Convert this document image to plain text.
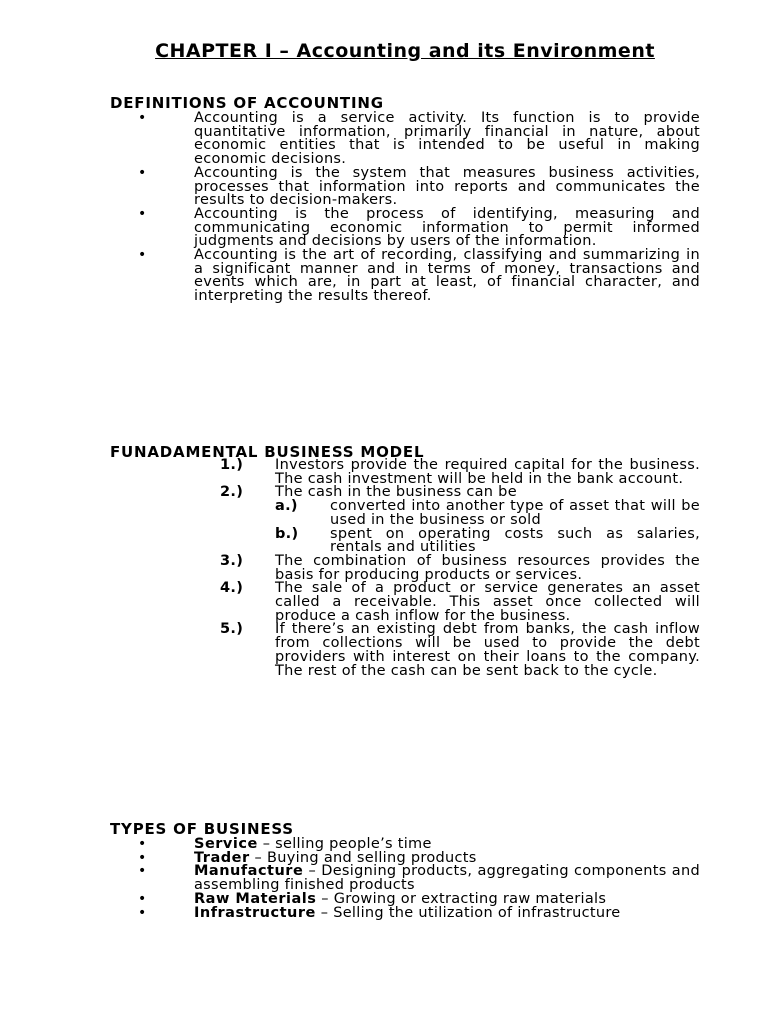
CHAPTER I – Accounting and its Environment
DEFINITIONS OF ACCOUNTING
•	Accounting is a service activity. Its function is to provide quantitative information, primarily financial in nature, about economic entities that is intended to be useful in making economic decisions.
•	Accounting is the system that measures business activities, processes that information into reports and communicates the results to decision-makers.
•	Accounting is the process of identifying, measuring and communicating economic information to permit informed judgments and decisions by users of the information.
•	Accounting is the art of recording, classifying and summarizing in a significant manner and in terms of money, transactions and events which are, in part at least, of financial character, and interpreting the results thereof.
FUNADAMENTAL BUSINESS MODEL
1.) Investors provide the required capital for the business. The cash investment will be held in the bank account.
2.) The cash in the business can be
a.) converted into another type of asset that will be used in the business or sold
b.) spent on operating costs such as salaries, rentals and utilities
3.) The combination of business resources provides the basis for producing products or services.
4.) The sale of a product or service generates an asset called a receivable. This asset once collected will produce a cash inflow for the business.
5.) If there’s an existing debt from banks, the cash inflow from collections will be used to provide the debt providers with interest on their loans to the company. The rest of the cash can be sent back to the cycle.
TYPES OF BUSINESS
•	Service – selling people’s time
•	Trader – Buying and selling products
•	Manufacture – Designing products, aggregating components and assembling finished products
•	Raw Materials – Growing or extracting raw materials
•	Infrastructure – Selling the utilization of infrastructure
